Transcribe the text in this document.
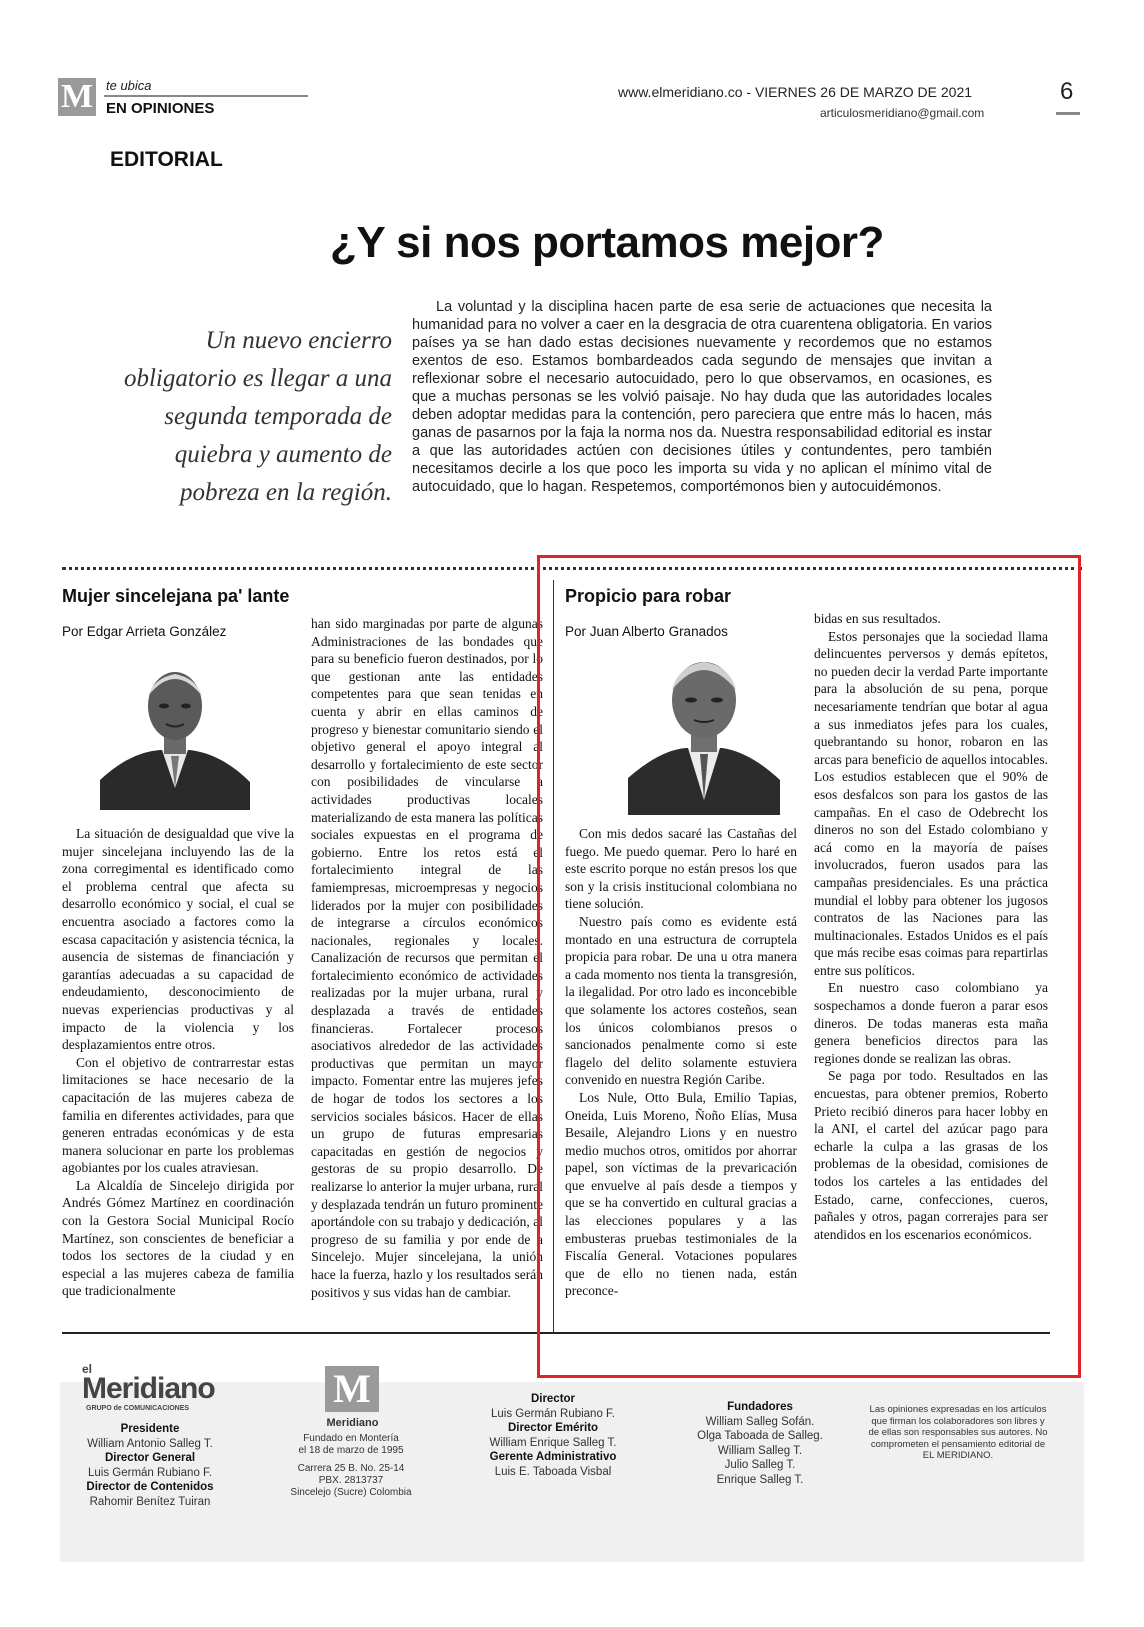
M te ubica
EN OPINIONES
www.elmeridiano.co - VIERNES 26 DE MARZO DE 2021
articulosmeridiano@gmail.com
6
EDITORIAL
¿Y si nos portamos mejor?
Un nuevo encierro obligatorio es llegar a una segunda temporada de quiebra y aumento de pobreza en la región.
La voluntad y la disciplina hacen parte de esa serie de actuaciones que necesita la humanidad para no volver a caer en la desgracia de otra cuarentena obligatoria. En varios países ya se han dado estas decisiones nuevamente y recordemos que no estamos exentos de eso. Estamos bombardeados cada segundo de mensajes que invitan a reflexionar sobre el necesario autocuidado, pero lo que observamos, en ocasiones, es que a muchas personas se les volvió paisaje. No hay duda que las autoridades locales deben adoptar medidas para la contención, pero pareciera que entre más lo hacen, más ganas de pasarnos por la faja la norma nos da. Nuestra responsabilidad editorial es instar a que las autoridades actúen con decisiones útiles y contundentes, pero también necesitamos decirle a los que poco les importa su vida y no aplican el mínimo vital de autocuidado, que lo hagan. Respetemos, comportémonos bien y autocuidémonos.
Mujer sincelejana pa' lante
Por Edgar Arrieta González

La situación de desigualdad que vive la mujer sincelejana incluyendo las de la zona corregimental es identificado como el problema central que afecta su desarrollo económico y social, el cual se encuentra asociado a factores como la escasa capacitación y asistencia técnica, la ausencia de sistemas de financiación y garantías adecuadas a su capacidad de endeudamiento, desconocimiento de nuevas experiencias productivas y al impacto de la violencia y los desplazamientos entre otros.

Con el objetivo de contrarrestar estas limitaciones se hace necesario de la capacitación de las mujeres cabeza de familia en diferentes actividades, para que generen entradas económicas y de esta manera solucionar en parte los problemas agobiantes por los cuales atraviesan.

La Alcaldía de Sincelejo dirigida por Andrés Gómez Martínez en coordinación con la Gestora Social Municipal Rocío Martínez, son conscientes de beneficiar a todos los sectores de la ciudad y en especial a las mujeres cabeza de familia que tradicionalmente

han sido marginadas por parte de algunas Administraciones de las bondades que para su beneficio fueron destinados, por lo que gestionan ante las entidades competentes para que sean tenidas en cuenta y abrir en ellas caminos de progreso y bienestar comunitario siendo el objetivo general el apoyo integral al desarrollo y fortalecimiento de este sector con posibilidades de vincularse a actividades productivas locales materializando de esta manera las políticas sociales expuestas en el programa de gobierno. Entre los retos está el fortalecimiento integral de las famiempresas, microempresas y negocios liderados por la mujer con posibilidades de integrarse a círculos económicos nacionales, regionales y locales. Canalización de recursos que permitan el fortalecimiento económico de actividades realizadas por la mujer urbana, rural y desplazada a través de entidades financieras. Fortalecer procesos asociativos alrededor de las actividades productivas que permitan un mayor impacto. Fomentar entre las mujeres jefes de hogar de todos los sectores a los servicios sociales básicos. Hacer de ellas un grupo de futuras empresarias capacitadas en gestión de negocios y gestoras de su propio desarrollo. De realizarse lo anterior la mujer urbana, rural y desplazada tendrán un futuro prominente aportándole con su trabajo y dedicación, al progreso de su familia y por ende de a Sincelejo. Mujer sincelejana, la unión hace la fuerza, hazlo y los resultados serán positivos y sus vidas han de cambiar.

Propicio para robar
Por Juan Alberto Granados

Con mis dedos sacaré las Castañas del fuego. Me puedo quemar. Pero lo haré en este escrito porque no están presos los que son y la crisis institucional colombiana no tiene solución.

Nuestro país como es evidente está montado en una estructura de corruptela propicia para robar. De una u otra manera a cada momento nos tienta la transgresión, la ilegalidad. Por otro lado es inconcebible que solamente los actores costeños, sean los únicos colombianos presos o sancionados penalmente como si este flagelo del delito solamente estuviera convenido en nuestra Región Caribe.

Los Nule, Otto Bula, Emilio Tapias, Oneida, Luis Moreno, Ñoño Elías, Musa Besaile, Alejandro Lions y en nuestro medio muchos otros, omitidos por ahorrar papel, son víctimas de la prevaricación que envuelve al país desde a tiempos y que se ha convertido en cultural gracias a las elecciones populares y a las embusteras pruebas testimoniales de la Fiscalía General. Votaciones populares que de ello no tienen nada, están preconce-

bidas en sus resultados.

Estos personajes que la sociedad llama delincuentes perversos y demás epítetos, no pueden decir la verdad Parte importante para la absolución de su pena, porque necesariamente tendrían que botar al agua a sus inmediatos jefes para los cuales, quebrantando su honor, robaron en las arcas para beneficio de aquellos intocables. Los estudios establecen que el 90% de esos desfalcos son para los gastos de las campañas. En el caso de Odebrecht los dineros no son del Estado colombiano y acá como en la mayoría de países involucrados, fueron usados para las campañas presidenciales. Es una práctica mundial el lobby para obtener los jugosos contratos de las Naciones para las multinacionales. Estados Unidos es el país que más recibe esas coimas para repartirlas entre sus políticos.

En nuestro caso colombiano ya sospechamos a donde fueron a parar esos dineros. De todas maneras esta maña genera beneficios directos para las regiones donde se realizan las obras.

Se paga por todo. Resultados en las encuestas, para obtener premios, Roberto Prieto recibió dineros para hacer lobby en la ANI, el cartel del azúcar pago para echarle la culpa a las grasas de los problemas de la obesidad, comisiones de todos los carteles a las entidades del Estado, carne, confecciones, cueros, pañales y otros, pagan correrajes para ser atendidos en los escenarios económicos.

el
Meridiano
GRUPO de COMUNICACIONES
Presidente
William Antonio Salleg T.
Director General
Luis Germán Rubiano F.
Director de Contenidos
Rahomir Benítez Tuiran
M
Meridiano
Fundado en Montería
el 18 de marzo de 1995
Carrera 25 B. No. 25-14
PBX. 2813737
Sincelejo (Sucre) Colombia
Director
Luis Germán Rubiano F.
Director Emérito
William Enrique Salleg T.
Gerente Administrativo
Luis E. Taboada Visbal
Fundadores
William Salleg Sofán.
Olga Taboada de Salleg.
William Salleg T.
Julio Salleg T.
Enrique Salleg T.
Las opiniones expresadas en los artículos que firman los colaboradores son libres y de ellas son responsables sus autores. No comprometen el pensamiento editorial de EL MERIDIANO.
